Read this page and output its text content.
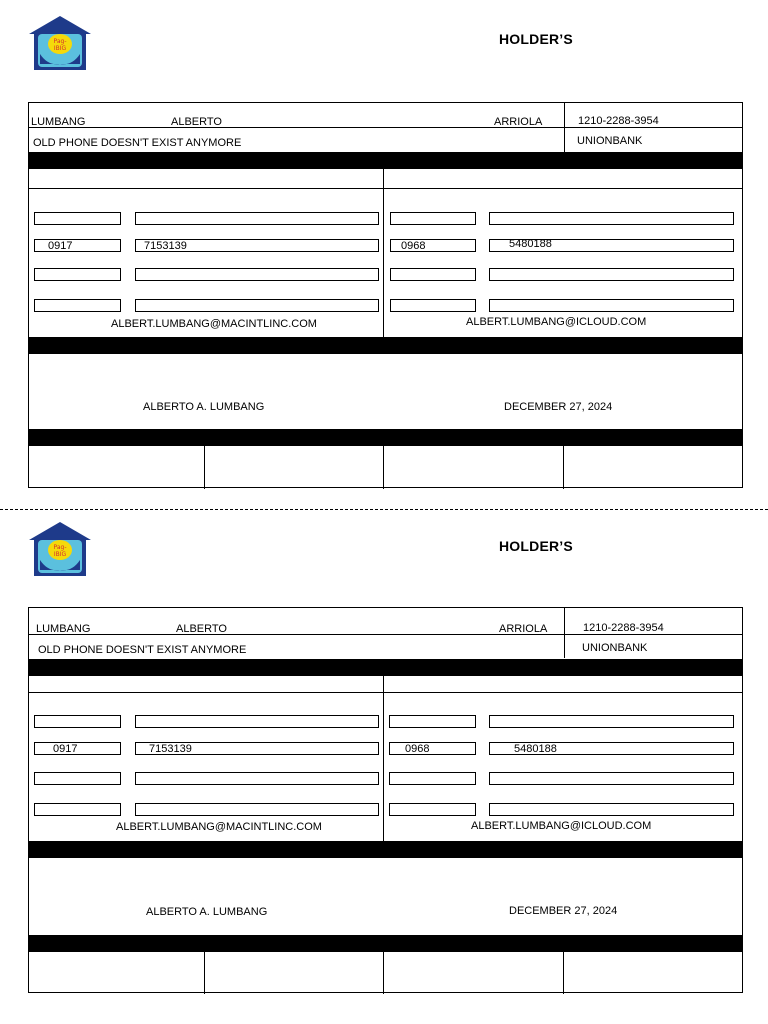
Pag-
IBIG
HOLDER’S
LUMBANG	ALBERTO	ARRIOLA	1210-2288-3954
OLD PHONE DOESN'T EXIST ANYMORE	UNIONBANK
0917	7153139
ALBERT.LUMBANG@MACINTLINC.COM
0968	5480188
ALBERT.LUMBANG@ICLOUD.COM
ALBERTO A. LUMBANG	DECEMBER 27, 2024
Pag-
IBIG
HOLDER’S
LUMBANG	ALBERTO	ARRIOLA	1210-2288-3954
OLD PHONE DOESN'T EXIST ANYMORE	UNIONBANK
0917	7153139
ALBERT.LUMBANG@MACINTLINC.COM
0968	5480188
ALBERT.LUMBANG@ICLOUD.COM
ALBERTO A. LUMBANG	DECEMBER 27, 2024
